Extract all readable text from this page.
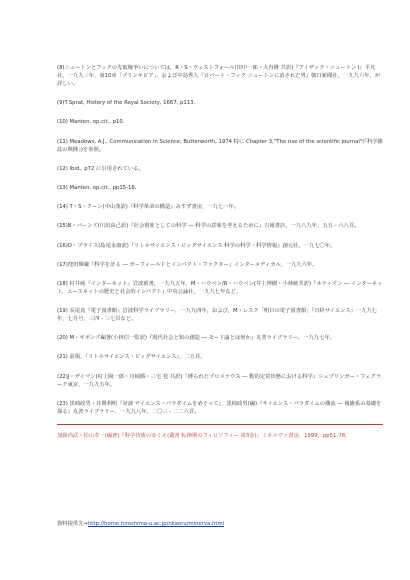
(8)ニュートンとフックの先取権争いについては，R・S・ウェストフォール(田中一郎・大谷隆 共訳)『アイザック・ニュートン Ⅰ』平凡社，一九九三年，第10章「プリンキピア」，および中島秀人『ロバート・フック ニュートンに消された男』朝日新聞社，一九九六年，が詳しい。

(9)T.Sprat, History of the Royal Society, 1667, p113.

(10) Manten, op.cit., p10.

(11) Meadows, A.J., Communication in Science, Butterworth, 1974 特に Chapter 3,"The rise of the scientific journal"(『科学雑誌の興隆』)を参照。

(12) ibid., p72 に引用されている。

(13) Manten, op.cit., pp15-16.

(14) T・S・クーン(中山茂訳)『科学革命の構造』みすず書房，一九七一年。

(15)B・バーンズ(川出由己訳)『社会現象としての科学 ― 科学の意味を考えるために』吉岡書店，一九八九年，五五 - 六八頁。

(16)D・プライス(島尾永康訳)『リトルサイエンス・ビッグサイエンス 科学の科学・科学情報』創元社，一九七〇年。

(17)窪田輝蔵『科学を計る ― ガーフィールドとインパクト・ファクター』インターメディカル，一九九六年。

(18) 村井純『インターネット』岩波新書，一九九五年，M・ハウベン/R・ハウベン(井上博樹・小林統共訳)『ネティズン ― インターネット，ユースネットの歴史と社会的インパクト』中央公論社，一九九七年など。

(19) 長尾真『電子図書館』岩波科学ライブラリー，一九九四年，および，M・レスク「明日の電子図書館」『日経サイエンス』一九九七年，七月号，三四 - 三七頁など。

(20) M・ギボンズ編著(小林信一監訳)『現代社会と知の創造 ― モード論とは何か』丸善ライブラリー，一九九七年。

(21) 前掲，『リトルサイエンス・ビッグサイエンス』，二五頁。

(22)J・ザイマン(村上陽一郎・川崎勝・三宅 苞 共訳)『縛られたプロメテウス ― 動的定常状態における科学』シュプリンガー・フェアラーク東京，一九九五年。

(23) 黒崎政男・井関利明『対談 サイエンス・パラダイムをめぐって』，黒崎政男(編)『サイエンス・パラダイムの潮流 ― 複雑系の基礎を探る』丸善ライブラリー，一九九八年，二〇三 - 二二六頁。

加藤尚武・松山寿一(編著)『科学技術のゆくえ(叢書 転換期のフィロソフィー 第3巻)』ミネルヴァ書房，1999，pp51-78.
資料提供先→http://home.hiroshima-u.ac.jp/nkaoru/minerva.html
